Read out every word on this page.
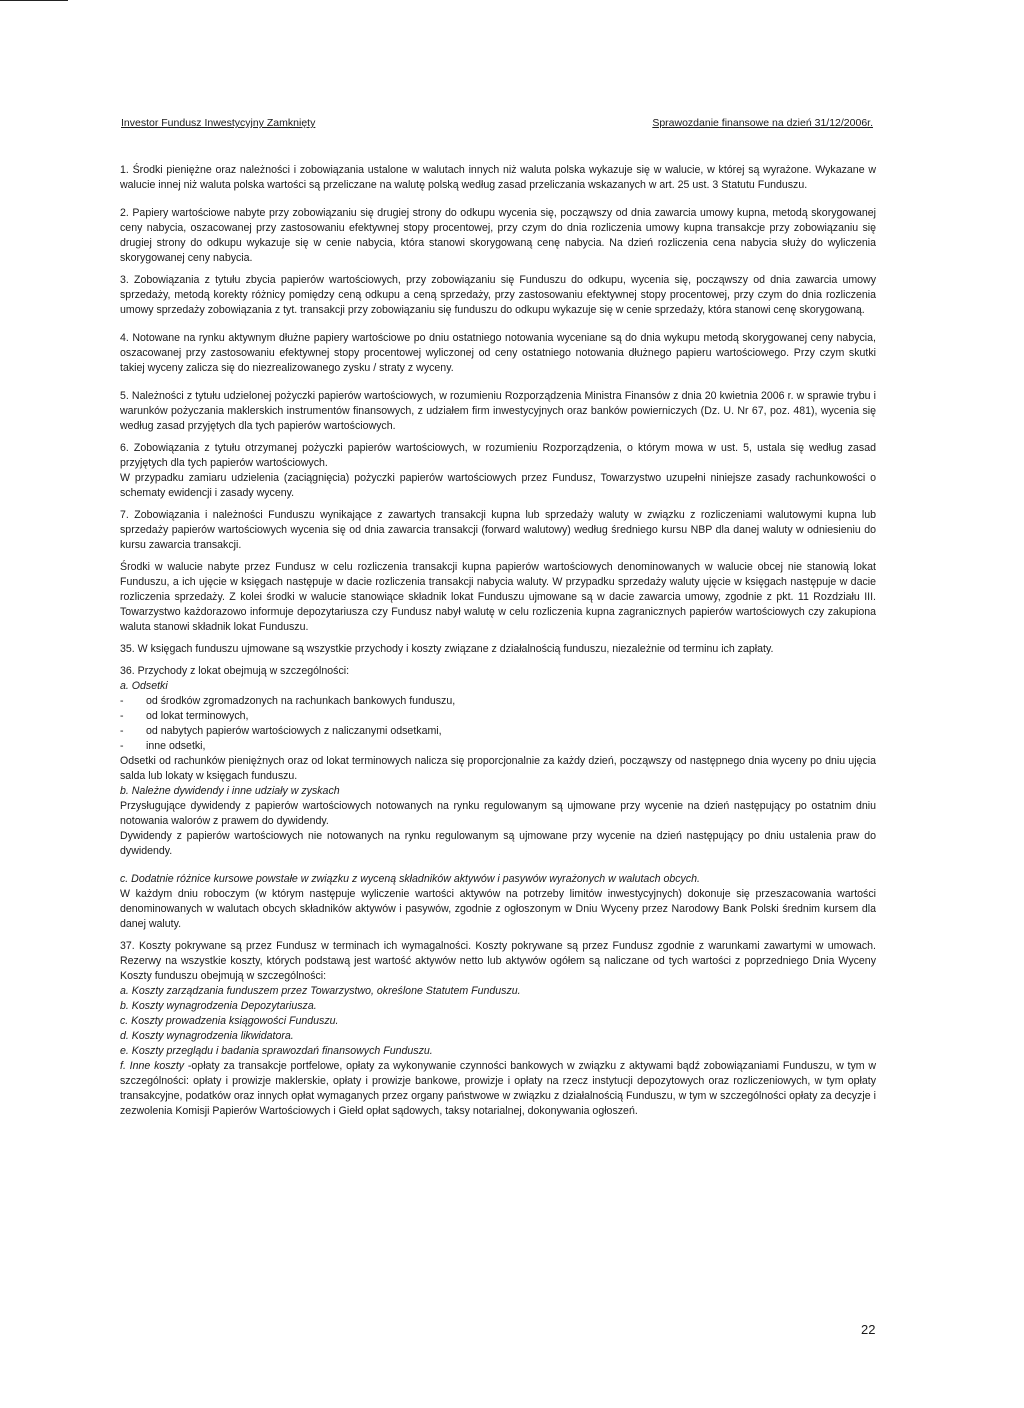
Investor Fundusz Inwestycyjny Zamknięty	Sprawozdanie finansowe na dzień 31/12/2006r.

1. Środki pieniężne oraz należności i zobowiązania ustalone w walutach innych niż waluta polska wykazuje się w walucie, w której są wyrażone. Wykazane w walucie innej niż waluta polska wartości są przeliczane na walutę polską według zasad przeliczania wskazanych w art. 25 ust. 3 Statutu Funduszu.

2. Papiery wartościowe nabyte przy zobowiązaniu się drugiej strony do odkupu wycenia się, począwszy od dnia zawarcia umowy kupna, metodą skorygowanej ceny nabycia, oszacowanej przy zastosowaniu efektywnej stopy procentowej, przy czym do dnia rozliczenia umowy kupna transakcje przy zobowiązaniu się drugiej strony do odkupu wykazuje się w cenie nabycia, która stanowi skorygowaną cenę nabycia. Na dzień rozliczenia cena nabycia służy do wyliczenia skorygowanej ceny nabycia.

3. Zobowiązania z tytułu zbycia papierów wartościowych, przy zobowiązaniu się Funduszu do odkupu, wycenia się, począwszy od dnia zawarcia umowy sprzedaży, metodą korekty różnicy pomiędzy ceną odkupu a ceną sprzedaży, przy zastosowaniu efektywnej stopy procentowej, przy czym do dnia rozliczenia umowy sprzedaży zobowiązania z tyt. transakcji przy zobowiązaniu się funduszu do odkupu wykazuje się w cenie sprzedaży, która stanowi cenę skorygowaną.

4. Notowane na rynku aktywnym dłużne papiery wartościowe po dniu ostatniego notowania wyceniane są do dnia wykupu metodą skorygowanej ceny nabycia, oszacowanej przy zastosowaniu efektywnej stopy procentowej wyliczonej od ceny ostatniego notowania dłużnego papieru wartościowego. Przy czym skutki takiej wyceny zalicza się do niezrealizowanego zysku / straty z wyceny.

5. Należności z tytułu udzielonej pożyczki papierów wartościowych, w rozumieniu Rozporządzenia Ministra Finansów z dnia 20 kwietnia 2006 r. w sprawie trybu i warunków pożyczania maklerskich instrumentów finansowych, z udziałem firm inwestycyjnych oraz banków powierniczych (Dz. U. Nr 67, poz. 481), wycenia się według zasad przyjętych dla tych papierów wartościowych.

6. Zobowiązania z tytułu otrzymanej pożyczki papierów wartościowych, w rozumieniu Rozporządzenia, o którym mowa w ust. 5, ustala się według zasad przyjętych dla tych papierów wartościowych.

W przypadku zamiaru udzielenia (zaciągnięcia) pożyczki papierów wartościowych przez Fundusz, Towarzystwo uzupełni niniejsze zasady rachunkowości o schematy ewidencji i zasady wyceny.

7. Zobowiązania i należności Funduszu wynikające z zawartych transakcji kupna lub sprzedaży waluty w związku z rozliczeniami walutowymi kupna lub sprzedaży papierów wartościowych wycenia się od dnia zawarcia transakcji (forward walutowy) według średniego kursu NBP dla danej waluty w odniesieniu do kursu zawarcia transakcji.

Środki w walucie nabyte przez Fundusz w celu rozliczenia transakcji kupna papierów wartościowych denominowanych w walucie obcej nie stanowią lokat Funduszu, a ich ujęcie w księgach następuje w dacie rozliczenia transakcji nabycia waluty. W przypadku sprzedaży waluty ujęcie w księgach następuje w dacie rozliczenia sprzedaży. Z kolei środki w walucie stanowiące składnik lokat Funduszu ujmowane są w dacie zawarcia umowy, zgodnie z pkt. 11 Rozdziału III. Towarzystwo każdorazowo informuje depozytariusza czy Fundusz nabył walutę w celu rozliczenia kupna zagranicznych papierów wartościowych czy zakupiona waluta stanowi składnik lokat Funduszu.

35. W księgach funduszu ujmowane są wszystkie przychody i koszty związane z działalnością funduszu, niezależnie od terminu ich zapłaty.

36. Przychody z lokat obejmują w szczególności:

a. Odsetki

- od środków zgromadzonych na rachunkach bankowych funduszu,
- od lokat terminowych,
- od nabytych papierów wartościowych z naliczanymi odsetkami,
- inne odsetki,

Odsetki od rachunków pieniężnych oraz od lokat terminowych nalicza się proporcjonalnie za każdy dzień, począwszy od następnego dnia wyceny po dniu ujęcia salda lub lokaty w księgach funduszu.

b. Należne dywidendy i inne udziały w zyskach

Przysługujące dywidendy z papierów wartościowych notowanych na rynku regulowanym są ujmowane przy wycenie na dzień następujący po ostatnim dniu notowania walorów z prawem do dywidendy.

Dywidendy z papierów wartościowych nie notowanych na rynku regulowanym są ujmowane przy wycenie na dzień następujący po dniu ustalenia praw do dywidendy.

c. Dodatnie różnice kursowe powstałe w związku z wyceną składników aktywów i pasywów wyrażonych w walutach obcych.

W każdym dniu roboczym (w którym następuje wyliczenie wartości aktywów na potrzeby limitów inwestycyjnych) dokonuje się przeszacowania wartości denominowanych w walutach obcych składników aktywów i pasywów, zgodnie z ogłoszonym w Dniu Wyceny przez Narodowy Bank Polski średnim kursem dla danej waluty.

37. Koszty pokrywane są przez Fundusz w terminach ich wymagalności. Koszty pokrywane są przez Fundusz zgodnie z warunkami zawartymi w umowach. Rezerwy na wszystkie koszty, których podstawą jest wartość aktywów netto lub aktywów ogółem są naliczane od tych wartości z poprzedniego Dnia Wyceny Koszty funduszu obejmują w szczególności:

a. Koszty zarządzania funduszem przez Towarzystwo, określone Statutem Funduszu.

b. Koszty wynagrodzenia Depozytariusza.

c. Koszty prowadzenia ksiągowości Funduszu.

d. Koszty wynagrodzenia likwidatora.

e. Koszty przeglądu i badania sprawozdań finansowych Funduszu.

f. Inne koszty -opłaty za transakcje portfelowe, opłaty za wykonywanie czynności bankowych w związku z aktywami bądź zobowiązaniami Funduszu, w tym w szczególności: opłaty i prowizje maklerskie, opłaty i prowizje bankowe, prowizje i opłaty na rzecz instytucji depozytowych oraz rozliczeniowych, w tym opłaty transakcyjne, podatków oraz innych opłat wymaganych przez organy państwowe w związku z działalnością Funduszu, w tym w szczególności opłaty za decyzje i zezwolenia Komisji Papierów Wartościowych i Giełd opłat sądowych, taksy notarialnej, dokonywania ogłoszeń.

22
